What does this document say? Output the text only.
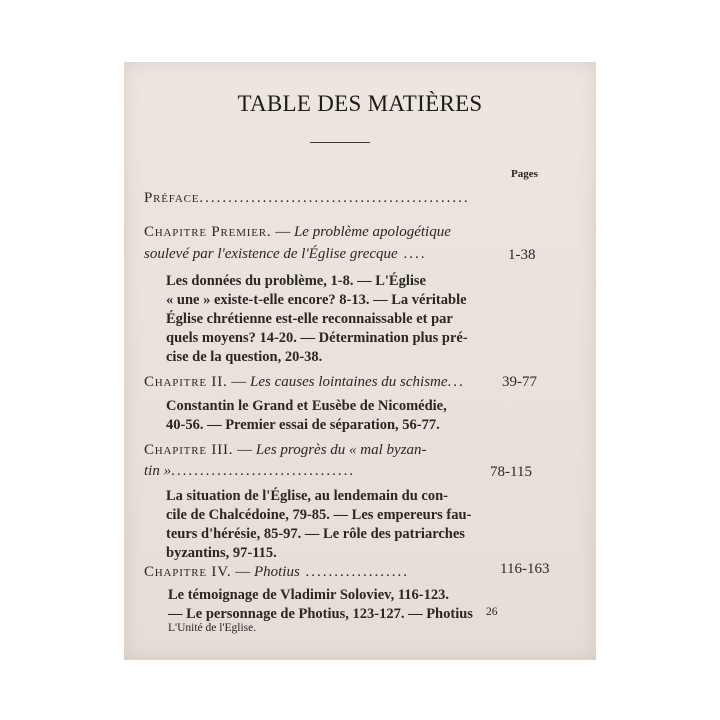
TABLE DES MATIÈRES
Pages
Préface...............................................
Chapitre Premier. — Le problème apologétique
soulevé par l'existence de l'Église grecque ....	1-38
Les données du problème, 1-8. — L'Église
« une » existe-t-elle encore? 8-13. — La véritable
Église chrétienne est-elle reconnaissable et par
quels moyens? 14-20. — Détermination plus pré-
cise de la question, 20-38.
Chapitre II. — Les causes lointaines du schisme... 39-77
Constantin le Grand et Eusèbe de Nicomédie,
40-56. — Premier essai de séparation, 56-77.
Chapitre III. — Les progrès du « mal byzan-
tin »................................	78-115
La situation de l'Église, au lendemain du con-
cile de Chalcédoine, 79-85. — Les empereurs fau-
teurs d'hérésie, 85-97. — Le rôle des patriarches
byzantins, 97-115.
Chapitre IV. — Photius ..................	116-163
Le témoignage de Vladimir Soloviev, 116-123.
— Le personnage de Photius, 123-127. — Photius
L'Unité de l'Eglise.
26
